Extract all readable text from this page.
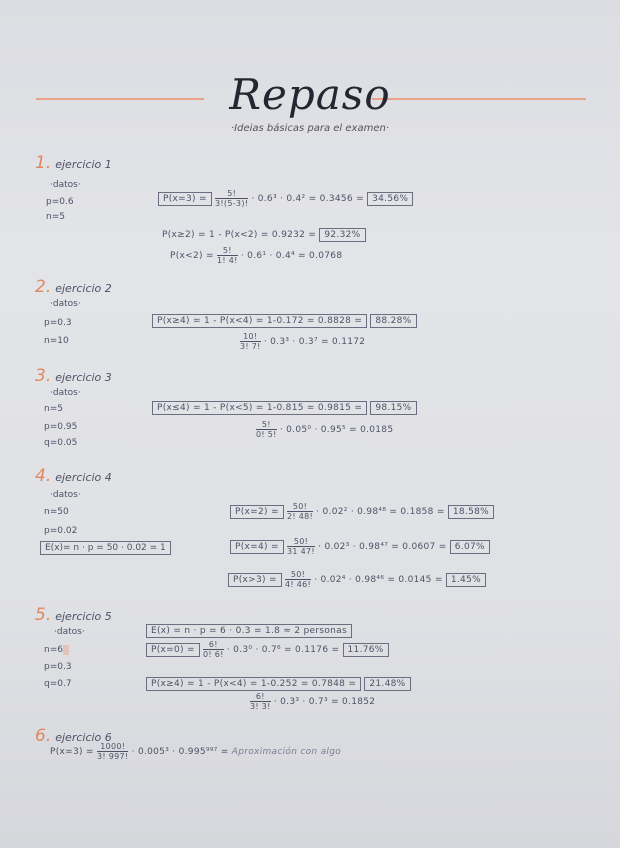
Repaso
·Ideias básicas para el examen·
1. ejercicio 1
·datos·
p=0.6
n=5
$P(x=3) = \frac{5!}{3!(5-3)!} \cdot 0.6^3 \cdot 0.4^2 = 0.3456 = 34.56\%$
P(x≥2) = 1 - P(x<2) = 0.9232 = 92.32%
$P(x<2) = \frac{5!}{1! 4!} \cdot 0.6^1 \cdot 0.4^4 = 0.0768$
2. ejercicio 2
·datos·
p=0.3
n=10
P(x≥4) = 1 - P(x<4) = 1-0.172 = 0.8828 = 88.28%
$\frac{10!}{3! 7!} \cdot 0.3^3 \cdot 0.3^7 = 0.1172$
3. ejercicio 3
·datos·
n=5
p=0.95
q=0.05
P(x≤4) = 1 - P(x<5) = 1-0.815 = 0.9815 = 98.15%
$\frac{5!}{0! 5!} \cdot 0.05^0 \cdot 0.95^5 = 0.0185$
4. ejercicio 4
·datos·
n=50
p=0.02
E(x)= n · p = 50 · 0.02 = 1
$P(x=2) = \frac{50!}{2! 48!} \cdot 0.02^2 \cdot 0.98^{48} = 0.1858 = 18.58\%$
$P(x=4) = \frac{50!}{31 47!} \cdot 0.02^3 \cdot 0.98^{47} = 0.0607 = 6.07\%$
$P(x>3) = \frac{50!}{4! 46!} \cdot 0.02^4 \cdot 0.98^{46} = 0.0145 = 1.45\%$
5. ejercicio 5
·datos·
n=6
p=0.3
q=0.7
E(x) = n · p = 6 · 0.3 = 1.8 ≈ 2 personas
$P(x=0) = \frac{6!}{0! 6!} \cdot 0.3^0 \cdot 0.7^6 = 0.1176 = 11.76\%$
P(x≥4) = 1 - P(x<4) = 1-0.252 = 0.7848 = 21.48%
$\frac{6!}{3! 3!} \cdot 0.3^3 \cdot 0.7^3 = 0.1852$
6. ejercicio 6
$P(x=3) = \frac{1000!}{3! 997!} \cdot 0.005^3 \cdot 0.995^{997}$ = Aproximación con algo
